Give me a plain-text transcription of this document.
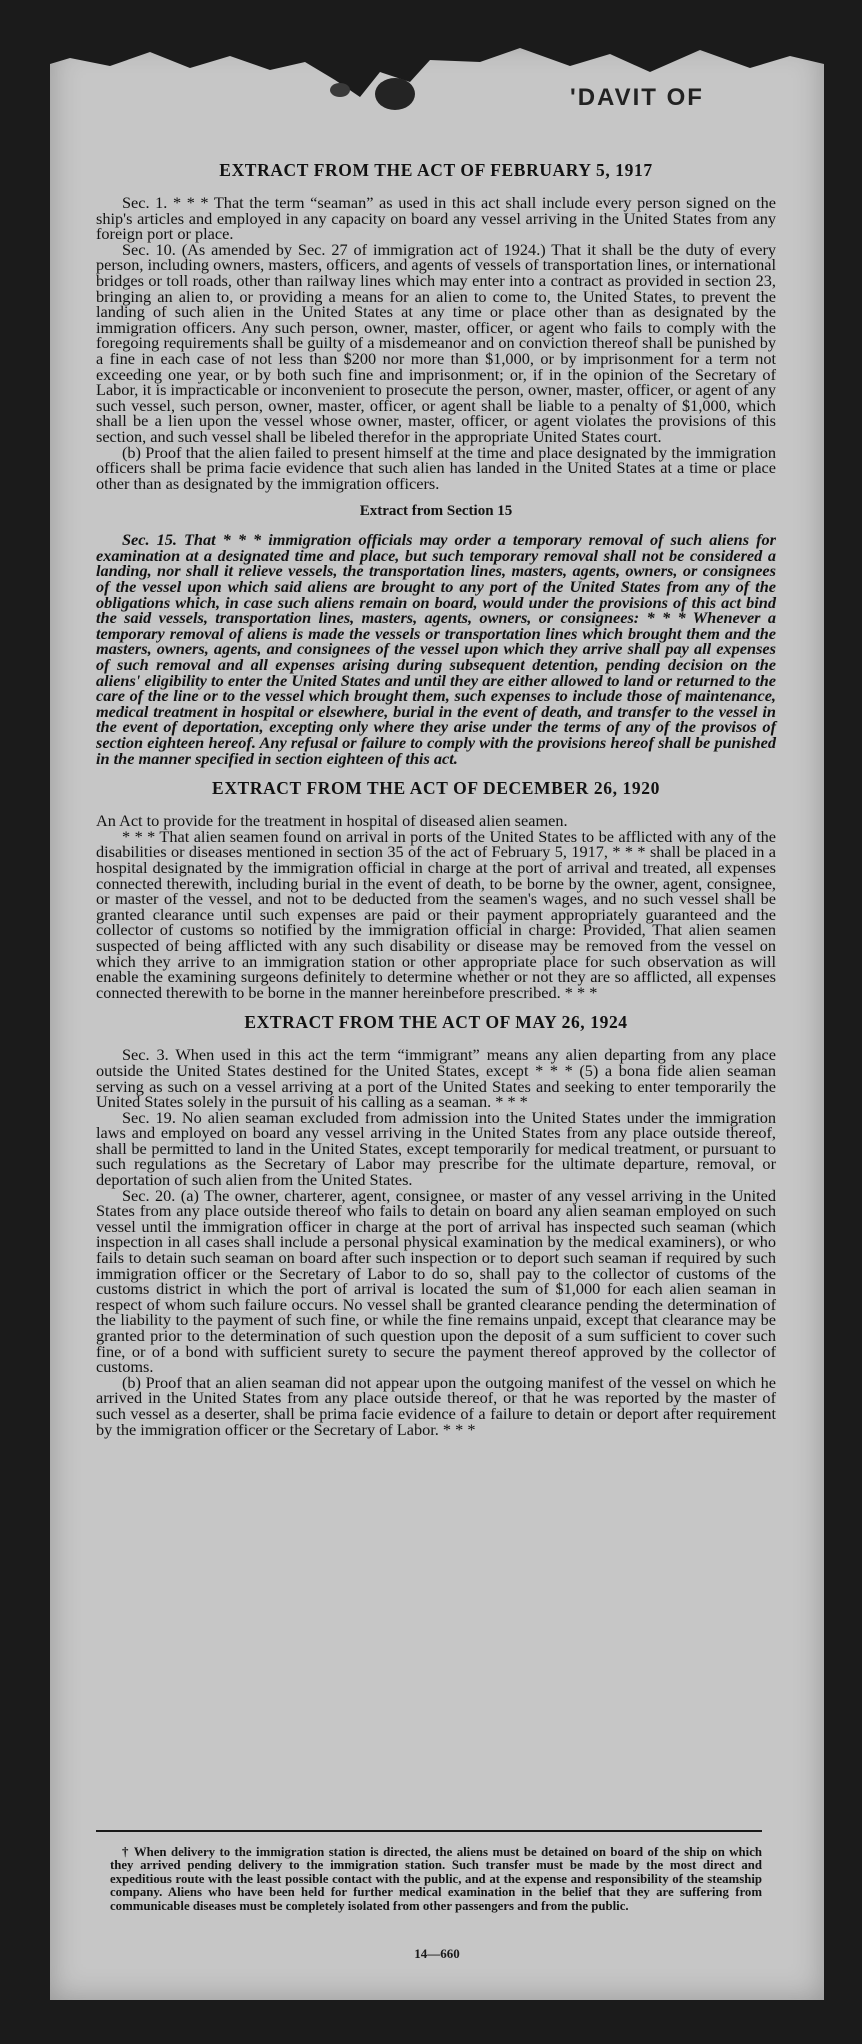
'DAVIT OF
EXTRACT FROM THE ACT OF FEBRUARY 5, 1917

Sec. 1. * * * That the term “seaman” as used in this act shall include every person signed on the ship's articles and employed in any capacity on board any vessel arriving in the United States from any foreign port or place.

Sec. 10. (As amended by Sec. 27 of immigration act of 1924.) That it shall be the duty of every person, including owners, masters, officers, and agents of vessels of transportation lines, or international bridges or toll roads, other than railway lines which may enter into a contract as provided in section 23, bringing an alien to, or providing a means for an alien to come to, the United States, to prevent the landing of such alien in the United States at any time or place other than as designated by the immigration officers. Any such person, owner, master, officer, or agent who fails to comply with the foregoing requirements shall be guilty of a misdemeanor and on conviction thereof shall be punished by a fine in each case of not less than $200 nor more than $1,000, or by imprisonment for a term not exceeding one year, or by both such fine and imprisonment; or, if in the opinion of the Secretary of Labor, it is impracticable or inconvenient to prosecute the person, owner, master, officer, or agent of any such vessel, such person, owner, master, officer, or agent shall be liable to a penalty of $1,000, which shall be a lien upon the vessel whose owner, master, officer, or agent violates the provisions of this section, and such vessel shall be libeled therefor in the appropriate United States court.

(b) Proof that the alien failed to present himself at the time and place designated by the immigration officers shall be prima facie evidence that such alien has landed in the United States at a time or place other than as designated by the immigration officers.

Extract from Section 15

Sec. 15. That * * * immigration officials may order a temporary removal of such aliens for examination at a designated time and place, but such temporary removal shall not be considered a landing, nor shall it relieve vessels, the transportation lines, masters, agents, owners, or consignees of the vessel upon which said aliens are brought to any port of the United States from any of the obligations which, in case such aliens remain on board, would under the provisions of this act bind the said vessels, transportation lines, masters, agents, owners, or consignees: * * * Whenever a temporary removal of aliens is made the vessels or transportation lines which brought them and the masters, owners, agents, and consignees of the vessel upon which they arrive shall pay all expenses of such removal and all expenses arising during subsequent detention, pending decision on the aliens' eligibility to enter the United States and until they are either allowed to land or returned to the care of the line or to the vessel which brought them, such expenses to include those of maintenance, medical treatment in hospital or elsewhere, burial in the event of death, and transfer to the vessel in the event of deportation, excepting only where they arise under the terms of any of the provisos of section eighteen hereof. Any refusal or failure to comply with the provisions hereof shall be punished in the manner specified in section eighteen of this act.

EXTRACT FROM THE ACT OF DECEMBER 26, 1920

An Act to provide for the treatment in hospital of diseased alien seamen.

* * * That alien seamen found on arrival in ports of the United States to be afflicted with any of the disabilities or diseases mentioned in section 35 of the act of February 5, 1917, * * * shall be placed in a hospital designated by the immigration official in charge at the port of arrival and treated, all expenses connected therewith, including burial in the event of death, to be borne by the owner, agent, consignee, or master of the vessel, and not to be deducted from the seamen's wages, and no such vessel shall be granted clearance until such expenses are paid or their payment appropriately guaranteed and the collector of customs so notified by the immigration official in charge: Provided, That alien seamen suspected of being afflicted with any such disability or disease may be removed from the vessel on which they arrive to an immigration station or other appropriate place for such observation as will enable the examining surgeons definitely to determine whether or not they are so afflicted, all expenses connected therewith to be borne in the manner hereinbefore prescribed. * * *

EXTRACT FROM THE ACT OF MAY 26, 1924

Sec. 3. When used in this act the term “immigrant” means any alien departing from any place outside the United States destined for the United States, except * * * (5) a bona fide alien seaman serving as such on a vessel arriving at a port of the United States and seeking to enter temporarily the United States solely in the pursuit of his calling as a seaman. * * *

Sec. 19. No alien seaman excluded from admission into the United States under the immigration laws and employed on board any vessel arriving in the United States from any place outside thereof, shall be permitted to land in the United States, except temporarily for medical treatment, or pursuant to such regulations as the Secretary of Labor may prescribe for the ultimate departure, removal, or deportation of such alien from the United States.

Sec. 20. (a) The owner, charterer, agent, consignee, or master of any vessel arriving in the United States from any place outside thereof who fails to detain on board any alien seaman employed on such vessel until the immigration officer in charge at the port of arrival has inspected such seaman (which inspection in all cases shall include a personal physical examination by the medical examiners), or who fails to detain such seaman on board after such inspection or to deport such seaman if required by such immigration officer or the Secretary of Labor to do so, shall pay to the collector of customs of the customs district in which the port of arrival is located the sum of $1,000 for each alien seaman in respect of whom such failure occurs. No vessel shall be granted clearance pending the determination of the liability to the payment of such fine, or while the fine remains unpaid, except that clearance may be granted prior to the determination of such question upon the deposit of a sum sufficient to cover such fine, or of a bond with sufficient surety to secure the payment thereof approved by the collector of customs.

(b) Proof that an alien seaman did not appear upon the outgoing manifest of the vessel on which he arrived in the United States from any place outside thereof, or that he was reported by the master of such vessel as a deserter, shall be prima facie evidence of a failure to detain or deport after requirement by the immigration officer or the Secretary of Labor. * * *

† When delivery to the immigration station is directed, the aliens must be detained on board of the ship on which they arrived pending delivery to the immigration station. Such transfer must be made by the most direct and expeditious route with the least possible contact with the public, and at the expense and responsibility of the steamship company. Aliens who have been held for further medical examination in the belief that they are suffering from communicable diseases must be completely isolated from other passengers and from the public.
14—660
